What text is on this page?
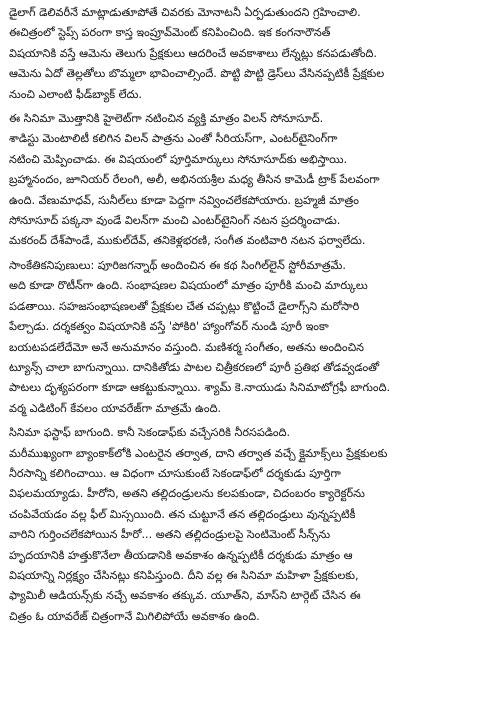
డైలాగ్ డెలివరీనే మాట్లాడుతూపోతే చివరకు మోనాటనీ ఏర్పడుతుందని గ్రహించాలి.
ఈచిత్రంలో స్టెప్స్ పరంగా కాస్త ఇంప్రూవ్‌మెంట్ కనిపించింది. ఇక కంగనారౌనత్
విషయానికి వస్తే ఆమెను తెలుగు ప్రేక్షకులు ఆదరించే అవకాశాలు లేన్నట్లు కనపడుతోంది.
ఆమెను ఏదో తెల్లతోలు బొమ్మలా భావించాల్సిందే. పొట్టి పొట్టి డ్రెస్‌లు వేసినప్పటికీ ప్రేక్షకుల
నుంచి ఎలాంటి ఫీడ్‌బ్యాక్ లేదు.
ఈ సినిమా మొత్తానికి హైలెట్‌గా నటించిన వ్యక్తి మాత్రం విలన్ సోనూసూద్.
శాడిస్టు మెంటాలిటీ కలిగిన విలన్ పాత్రను ఎంతో సీరియస్‌గా, ఎంటర్‌టైనింగ్‌గా
నటించి మెప్పించాడు. ఈ విషయంలో పూర్తిమార్కులు సోనూసూద్‌కు అభిస్తాయి.
బ్రహ్మానందం, జూనియర్ రేలంగి, అలీ, అభినయశ్రీల మధ్య తీసిన కామెడీ ట్రాక్ పేలవంగా
ఉంది. వేణుమాధవ్, సునీల్‌లు కూడా పెద్దగా నవ్వించలేకపోయారు. బ్రహ్మజీ మాత్రం
సోనూసూద్ పక్కనా వుండే విలన్‌గా మంచి ఎంటర్‌టైనింగ్ నటన ప్రదర్శించాడు.
మకరంద్ దేశ్‌పాండే, ముకుల్‌దేవ్, తనికెళ్లభరణి, సంగీత వంటివారి నటన ఫర్వాలేదు.
సాంకేతికనిపుణులు: పూరిజగన్నాథ్ అందించిన ఈ కథ సింగిల్‌లైన్ స్టోరీమాత్రమే.
అది కూడా రొటీన్‌గా ఉంది. సంభాషణల విషయంలో మాత్రం పూరీకి మంచి మార్కులు
పడతాయి. సహజసంభాషణలతో ప్రేక్షకుల చేత చప్పట్లు కొట్టించే డైలాగ్స్‌ని మరోసారి
పేల్చాడు. దర్శకత్వం విషయానికి వస్తే 'పోకిరి' హ్యాంగోవర్ నుండి పూరీ ఇంకా
బయటపడలేదేమో అనే అనుమానం వస్తుంది. మణిశర్మ సంగీతం, అతను అందించిన
ట్యూన్స్ చాలా బాగున్నాయి. దానికితోడు పాటల చిత్రీకరణలో పూరీ ప్రతిభ తోడవ్వడంతో
పాటలు దృశ్యపరంగా కూడా ఆకట్టుకున్నాయి. శ్యామ్ కె.నాయుడు సినిమాటోగ్రఫీ బాగుంది.
వర్మ ఎడిటింగ్ కేవలం యావరేజ్‌గా మాత్రమే ఉంది.
సినిమా ఫస్టాఫ్ బాగుంది. కానీ సెకండాఫ్‌కు వచ్చేసరికి నీరసపడింది.
మరీముఖ్యంగా బ్యాంకాక్‌లోకి ఎంటరైన తర్వాత, దాని తర్వాత వచ్చే క్లైమాక్స్‌లు ప్రేక్షకులకు
నీరసాన్ని కలిగించాయి. ఆ విధంగా చూసుకుంటే సెకండాఫ్‌లో దర్శకుడు పూర్తిగా
విఫలమయ్యాడు. హీరోని, అతని తల్లిదండ్రులను కలపకుండా, చిదంబరం క్యారెక్టర్‌ను
చంపివేయడం వల్ల ఫీల్ మిస్సయింది. తన చుట్టూనే తన తల్లిదండ్రులు వున్నప్పటికీ
వారిని గుర్తించలేకపోయిన హీరో... అతని తల్లిదండ్రులపై సెంటిమెంట్ సీన్స్‌ను
హృదయానికి హత్తుకొనేలా తీయడానికి అవకాశం ఉన్నప్పటికీ దర్శకుడు మాత్రం ఆ
విషయాన్ని నిర్లక్ష్యం చేసినట్లు కనిపిస్తుంది. దీని వల్ల ఈ సినిమా మహిళా ప్రేక్షకులకు,
ఫ్యామిలీ ఆడియన్స్‌కు నచ్చే అవకాశం తక్కువ. యూత్‌ని, మాస్‌ని టార్గెట్ చేసిన ఈ
చిత్రం ఓ యావరేజ్ చిత్రంగానే మిగిలిపోయే అవకాశం ఉంది.
